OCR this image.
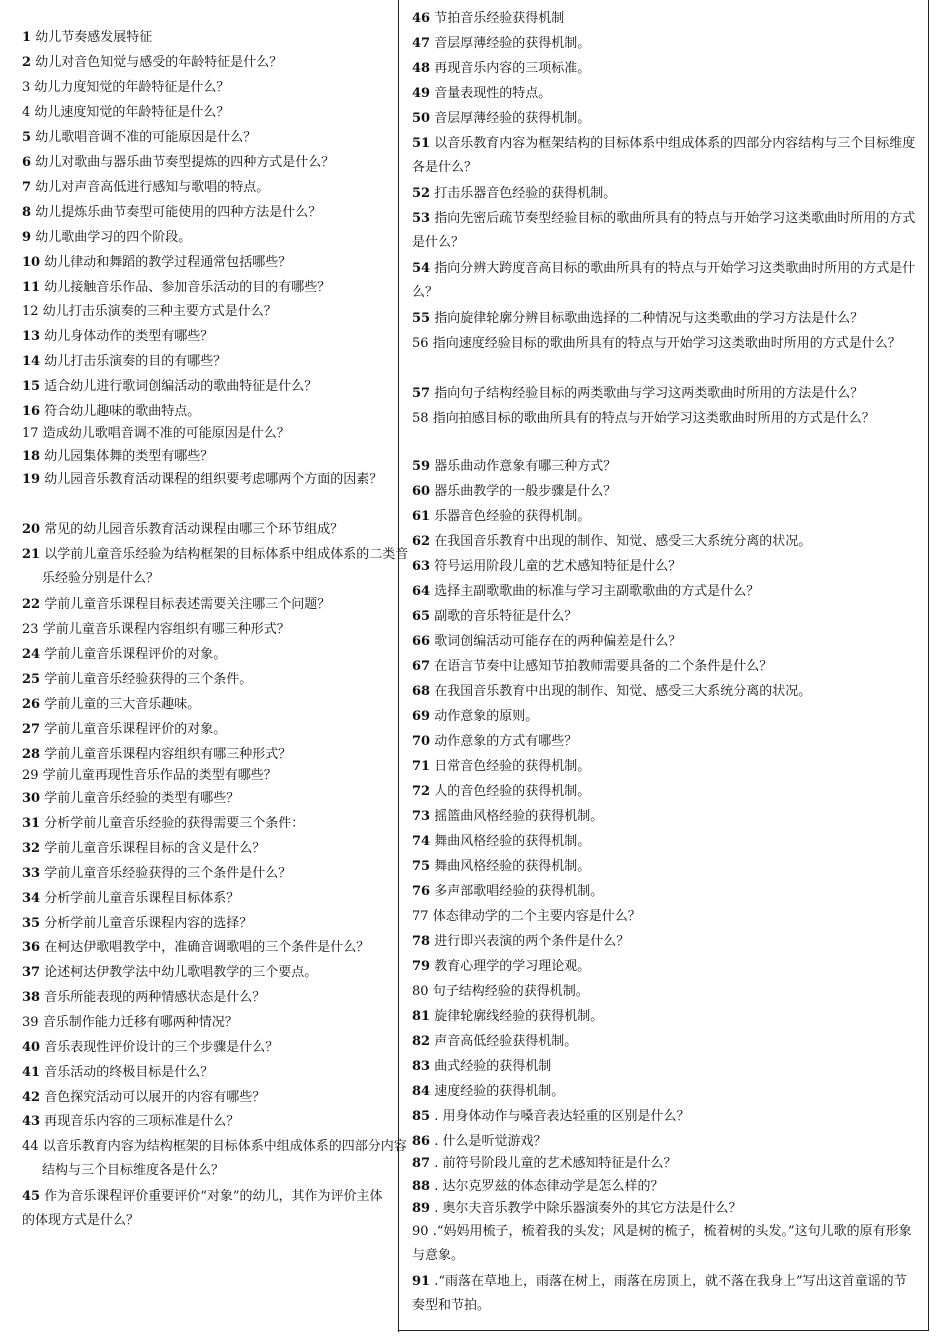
1 幼儿节奏感发展特征
2 幼儿对音色知觉与感受的年龄特征是什么？
3 幼儿力度知觉的年龄特征是什么？
4 幼儿速度知觉的年龄特征是什么？
5 幼儿歌唱音调不准的可能原因是什么？
6 幼儿对歌曲与器乐曲节奏型提炼的四种方式是什么？
7 幼儿对声音高低进行感知与歌唱的特点。
8 幼儿提炼乐曲节奏型可能使用的四种方法是什么？
9 幼儿歌曲学习的四个阶段。
10 幼儿律动和舞蹈的教学过程通常包括哪些？
11 幼儿接触音乐作品、参加音乐活动的目的有哪些？
12 幼儿打击乐演奏的三种主要方式是什么？
13 幼儿身体动作的类型有哪些？
14 幼儿打击乐演奏的目的有哪些？
15 适合幼儿进行歌词创编活动的歌曲特征是什么？
16 符合幼儿趣味的歌曲特点。
17 造成幼儿歌唱音调不准的可能原因是什么？
18 幼儿园集体舞的类型有哪些？
19 幼儿园音乐教育活动课程的组织要考虑哪两个方面的因素？
20 常见的幼儿园音乐教育活动课程由哪三个环节组成？
21 以学前儿童音乐经验为结构框架的目标体系中组成体系的二类音乐经验分别是什么？
22 学前儿童音乐课程目标表述需要关注哪三个问题？
23 学前儿童音乐课程内容组织有哪三种形式？
24 学前儿童音乐课程评价的对象。
25 学前儿童音乐经验获得的三个条件。
26 学前儿童的三大音乐趣味。
27 学前儿童音乐课程评价的对象。
28 学前儿童音乐课程内容组织有哪三种形式？
29 学前儿童再现性音乐作品的类型有哪些？
30 学前儿童音乐经验的类型有哪些？
31 分析学前儿童音乐经验的获得需要三个条件：
32 学前儿童音乐课程目标的含义是什么？
33 学前儿童音乐经验获得的三个条件是什么？
34 分析学前儿童音乐课程目标体系？
35 分析学前儿童音乐课程内容的选择？
36 在柯达伊歌唱教学中，准确音调歌唱的三个条件是什么？
37 论述柯达伊教学法中幼儿歌唱教学的三个要点。
38 音乐所能表现的两种情感状态是什么？
39 音乐制作能力迁移有哪两种情况？
40 音乐表现性评价设计的三个步骤是什么？
41 音乐活动的终极目标是什么？
42 音色探究活动可以展开的内容有哪些？
43 再现音乐内容的三项标准是什么？
44 以音乐教育内容为结构框架的目标体系中组成体系的四部分内容结构与三个目标维度各是什么？
45 作为音乐课程评价重要评价“对象”的幼儿，其作为评价主体的体现方式是什么？
46 节拍音乐经验获得机制
47 音层厚薄经验的获得机制。
48 再现音乐内容的三项标准。
49 音量表现性的特点。
50 音层厚薄经验的获得机制。
51 以音乐教育内容为框架结构的目标体系中组成体系的四部分内容结构与三个目标维度各是什么？
52 打击乐器音色经验的获得机制。
53 指向先密后疏节奏型经验目标的歌曲所具有的特点与开始学习这类歌曲时所用的方式是什么？
54 指向分辨大跨度音高目标的歌曲所具有的特点与开始学习这类歌曲时所用的方式是什么？
55 指向旋律轮廓分辨目标歌曲选择的二种情况与这类歌曲的学习方法是什么？
56 指向速度经验目标的歌曲所具有的特点与开始学习这类歌曲时所用的方式是什么？
57 指向句子结构经验目标的两类歌曲与学习这两类歌曲时所用的方法是什么？
58 指向拍感目标的歌曲所具有的特点与开始学习这类歌曲时所用的方式是什么？
59 器乐曲动作意象有哪三种方式？
60 器乐曲教学的一般步骤是什么？
61 乐器音色经验的获得机制。
62 在我国音乐教育中出现的制作、知觉、感受三大系统分离的状况。
63 符号运用阶段儿童的艺术感知特征是什么？
64 选择主副歌歌曲的标准与学习主副歌歌曲的方式是什么？
65 副歌的音乐特征是什么？
66 歌词创编活动可能存在的两种偏差是什么？
67 在语言节奏中让感知节拍教师需要具备的二个条件是什么？
68 在我国音乐教育中出现的制作、知觉、感受三大系统分离的状况。
69 动作意象的原则。
70 动作意象的方式有哪些？
71 日常音色经验的获得机制。
72 人的音色经验的获得机制。
73 摇篮曲风格经验的获得机制。
74 舞曲风格经验的获得机制。
75 舞曲风格经验的获得机制。
76 多声部歌唱经验的获得机制。
77 体态律动学的二个主要内容是什么？
78 进行即兴表演的两个条件是什么？
79 教育心理学的学习理论观。
80 句子结构经验的获得机制。
81 旋律轮廓线经验的获得机制。
82 声音高低经验获得机制。
83 曲式经验的获得机制
84 速度经验的获得机制。
85 . 用身体动作与嗓音表达轻重的区别是什么？
86 . 什么是听觉游戏？
87 . 前符号阶段儿童的艺术感知特征是什么？
88 . 达尔克罗兹的体态律动学是怎么样的？
89 . 奥尔夫音乐教学中除乐器演奏外的其它方法是什么？
90 .“妈妈用梳子，梳着我的头发；风是树的梳子，梳着树的头发。”这句儿歌的原有形象与意象。
91 .“雨落在草地上，雨落在树上，雨落在房顶上，就不落在我身上”写出这首童谣的节奏型和节拍。
